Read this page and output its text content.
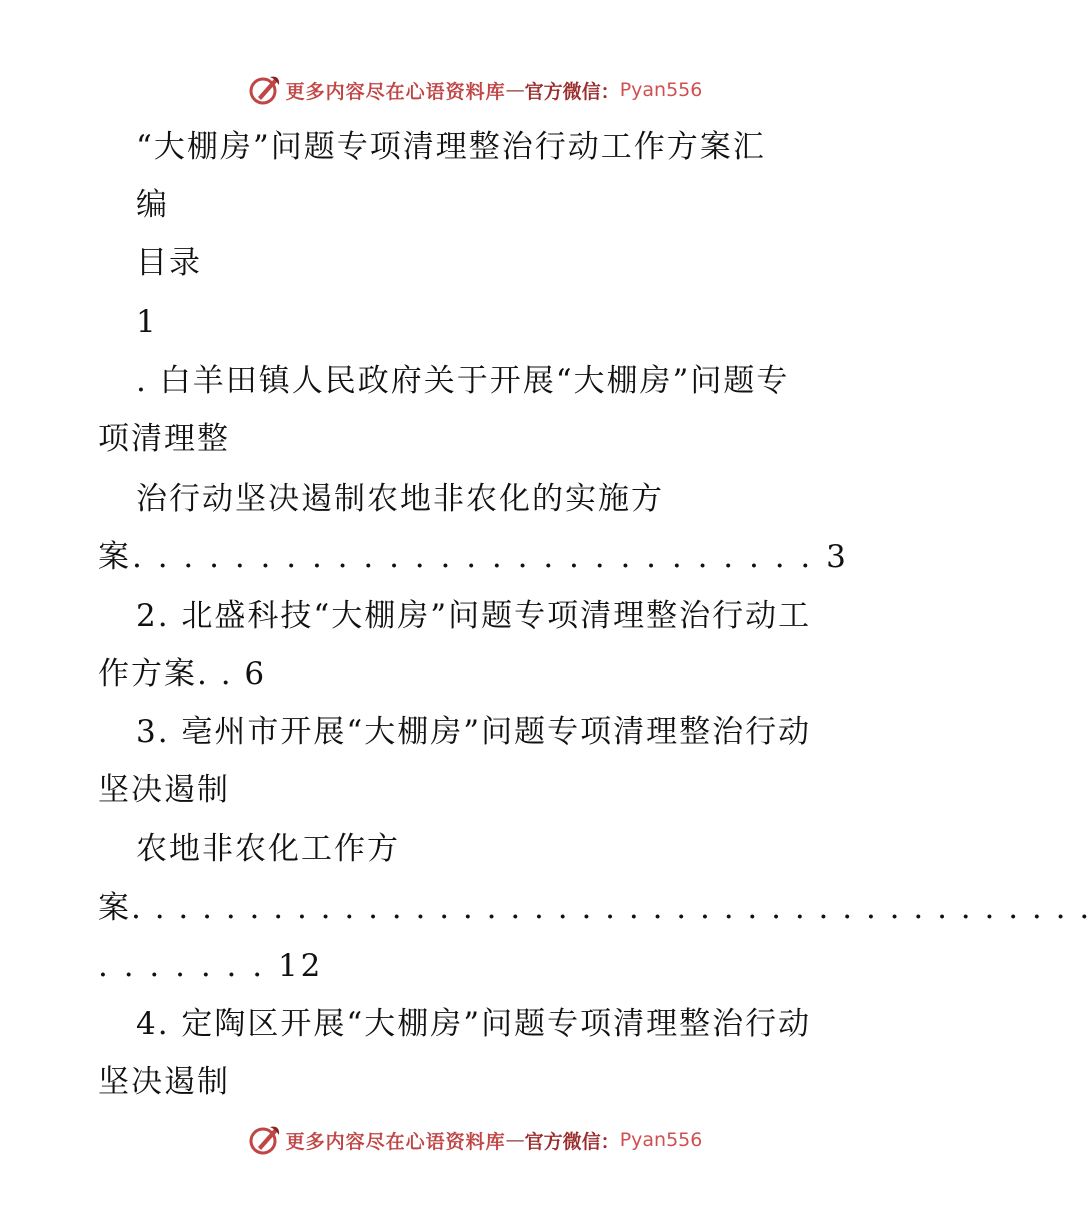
更多内容尽在心语资料库 — 官方微信： Pyan556
“大棚房”问题专项清理整治行动工作方案汇
编
目录
1
. 白羊田镇人民政府关于开展“大棚房”问题专
项清理整
治行动坚决遏制农地非农化的实施方
案. . . . . . . . . . . . . . . . . . . . . . . . . . . 3
2. 北盛科技“大棚房”问题专项清理整治行动工
作方案. . 6
3. 亳州市开展“大棚房”问题专项清理整治行动
坚决遏制
农地非农化工作方
案. . . . . . . . . . . . . . . . . . . . . . . . . . . . . . . . . . . . . . . . .
. . . . . . . 12
4. 定陶区开展“大棚房”问题专项清理整治行动
坚决遏制
更多内容尽在心语资料库 — 官方微信： Pyan556
